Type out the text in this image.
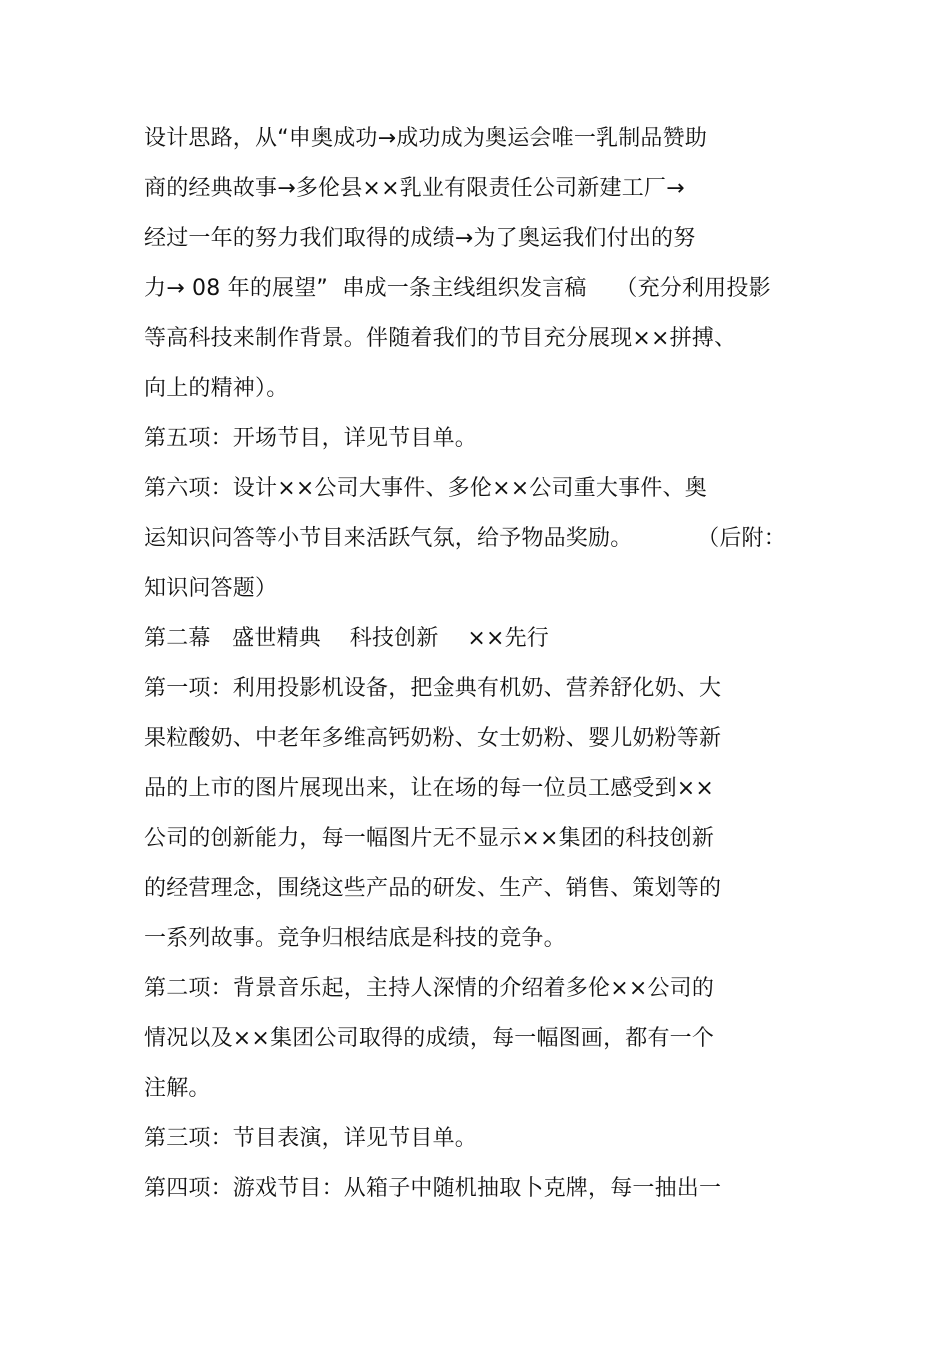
设计思路，从“申奥成功→成功成为奥运会唯一乳制品赞助
商的经典故事→多伦县××乳业有限责任公司新建工厂→
经过一年的努力我们取得的成绩→为了奥运我们付出的努
力→ 08 年的展望”  串成一条主线组织发言稿    （充分利用投影
等高科技来制作背景。伴随着我们的节目充分展现××拼搏、
向上的精神）。
第五项：开场节目，详见节目单。
第六项：设计××公司大事件、多伦××公司重大事件、奥
运知识问答等小节目来活跃气氛，给予物品奖励。         （后附：
知识问答题）
第二幕   盛世精典    科技创新    ××先行
第一项：利用投影机设备，把金典有机奶、营养舒化奶、大
果粒酸奶、中老年多维高钙奶粉、女士奶粉、婴儿奶粉等新
品的上市的图片展现出来，让在场的每一位员工感受到××
公司的创新能力，每一幅图片无不显示××集团的科技创新
的经营理念，围绕这些产品的研发、生产、销售、策划等的
一系列故事。竞争归根结底是科技的竞争。
第二项：背景音乐起，主持人深情的介绍着多伦××公司的
情况以及××集团公司取得的成绩，每一幅图画，都有一个
注解。
第三项：节目表演，详见节目单。
第四项：游戏节目：从箱子中随机抽取卜克牌，每一抽出一
